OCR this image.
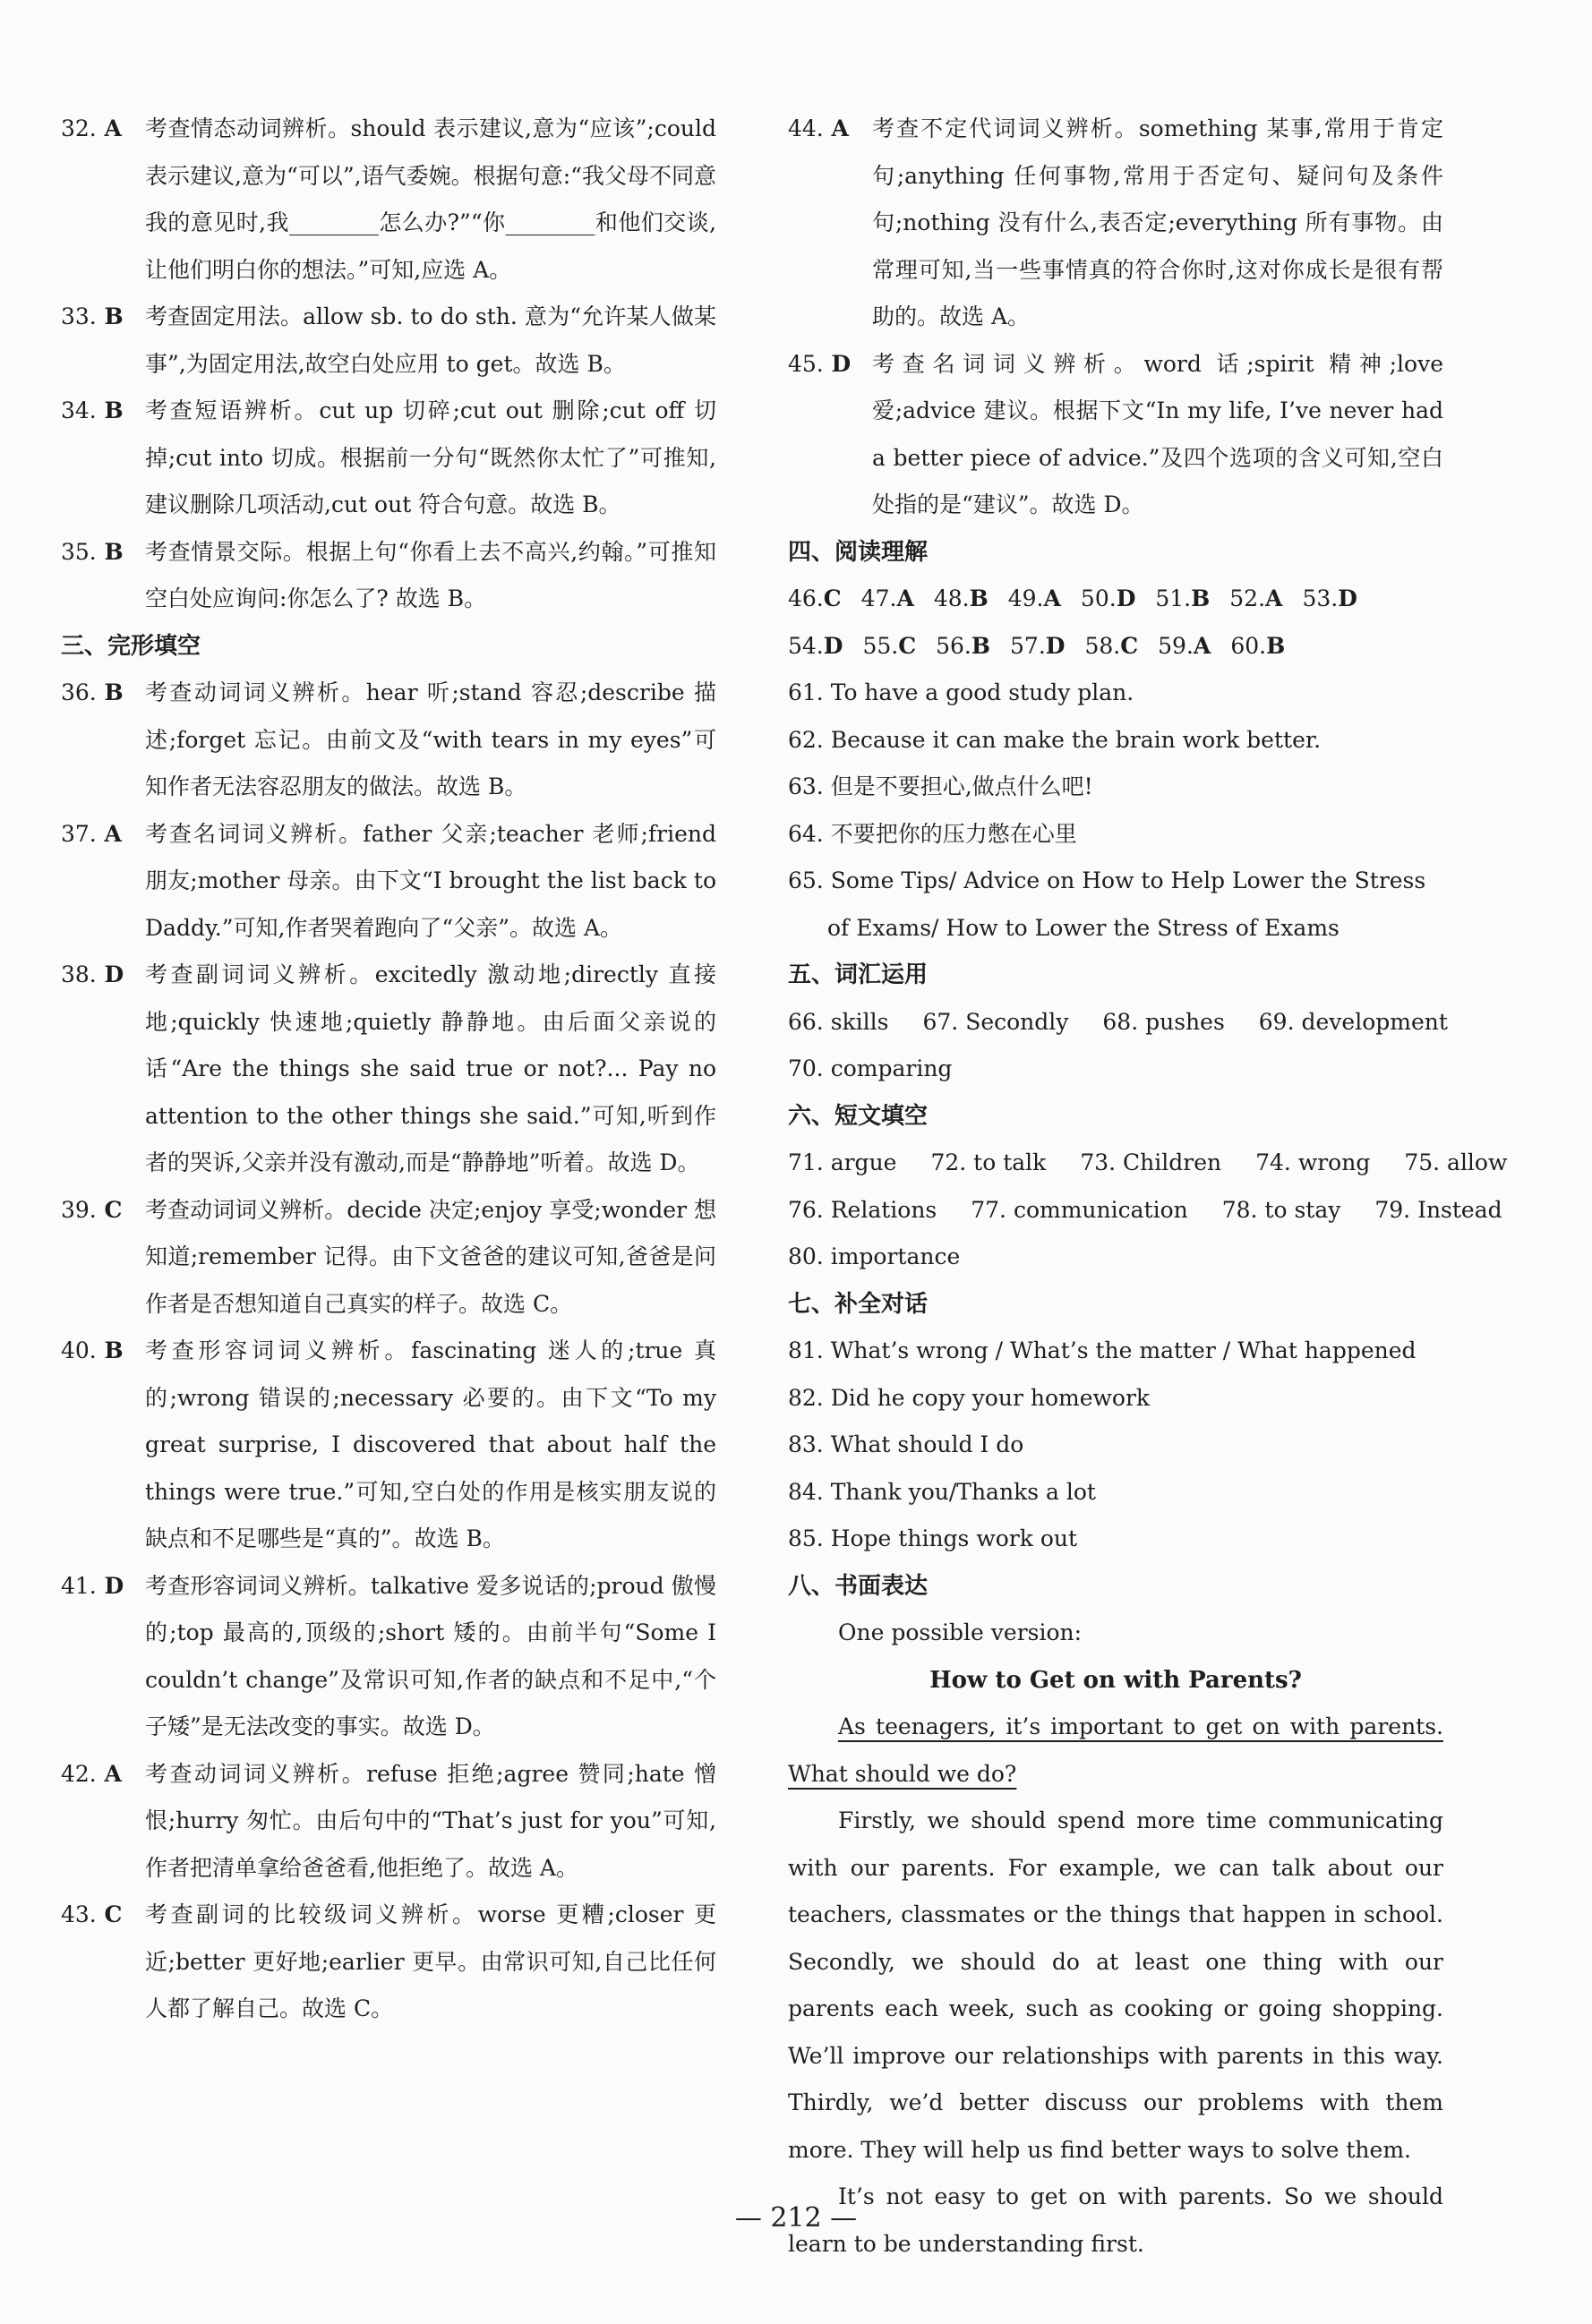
32. A	考查情态动词辨析。should 表示建议,意为“应该”;could 表示建议,意为“可以”,语气委婉。根据句意:“我父母不同意我的意见时,我________怎么办?”“你________和他们交谈,让他们明白你的想法。”可知,应选 A。
33. B 考查固定用法。allow sb. to do sth. 意为“允许某人做某事”,为固定用法,故空白处应用 to get。故选 B。
34. B 考查短语辨析。cut up 切碎;cut out 删除;cut off 切掉;cut into 切成。根据前一分句“既然你太忙了”可推知,建议删除几项活动,cut out 符合句意。故选 B。
35. B 考查情景交际。根据上句“你看上去不高兴,约翰。”可推知空白处应询问:你怎么了? 故选 B。
三、完形填空
36. B 考查动词词义辨析。hear 听;stand 容忍;describe 描述;forget 忘记。由前文及“with tears in my eyes”可知作者无法容忍朋友的做法。故选 B。
37. A	考查名词词义辨析。father 父亲;teacher 老师;friend 朋友;mother 母亲。由下文“I brought the list back to Daddy.”可知,作者哭着跑向了“父亲”。故选 A。
38. D 考查副词词义辨析。excitedly 激动地;directly 直接地;quickly 快速地;quietly 静静地。由后面父亲说的话“Are the things she said true or not?... Pay no attention to the other things she said.”可知,听到作者的哭诉,父亲并没有激动,而是“静静地”听着。故选 D。
39. C	考查动词词义辨析。decide 决定;enjoy 享受;wonder 想知道;remember 记得。由下文爸爸的建议可知,爸爸是问作者是否想知道自己真实的样子。故选 C。
40. B 考查形容词词义辨析。fascinating 迷人的;true 真的;wrong 错误的;necessary 必要的。由下文“To my great surprise, I discovered that about half the things were true.”可知,空白处的作用是核实朋友说的缺点和不足哪些是“真的”。故选 B。
41. D 考查形容词词义辨析。talkative 爱多说话的;proud 傲慢的;top 最高的,顶级的;short 矮的。由前半句“Some I couldn’t change”及常识可知,作者的缺点和不足中,“个子矮”是无法改变的事实。故选 D。
42. A	考查动词词义辨析。refuse 拒绝;agree 赞同;hate 憎恨;hurry 匆忙。由后句中的“That’s just for you”可知,作者把清单拿给爸爸看,他拒绝了。故选 A。
43. C	考查副词的比较级词义辨析。worse 更糟;closer 更近;better 更好地;earlier 更早。由常识可知,自己比任何人都了解自己。故选 C。
44. A	考查不定代词词义辨析。something 某事,常用于肯定句;anything 任何事物,常用于否定句、疑问句及条件句;nothing 没有什么,表否定;everything 所有事物。由常理可知,当一些事情真的符合你时,这对你成长是很有帮助的。故选 A。
45. D 考查名词词义辨析。word 话;spirit 精神;love 爱;advice 建议。根据下文“In my life, I’ve never had a better piece of advice.”及四个选项的含义可知,空白处指的是“建议”。故选 D。
四、阅读理解
46.C 47.A 48.B 49.A 50.D 51.B 52.A 53.D
54.D 55.C 56.B 57.D 58.C 59.A 60.B
61. To have a good study plan.
62. Because it can make the brain work better.
63. 但是不要担心,做点什么吧!
64. 不要把你的压力憋在心里
65. Some Tips/ Advice on How to Help Lower the Stress of Exams/ How to Lower the Stress of Exams
五、词汇运用
66. skills 67. Secondly 68. pushes 69. development
70. comparing
六、短文填空
71. argue 72. to talk 73. Children 74. wrong 75. allow
76. Relations 77. communication 78. to stay 79. Instead
80. importance
七、补全对话
81. What’s wrong / What’s the matter / What happened
82. Did he copy your homework
83. What should I do
84. Thank you/Thanks a lot
85. Hope things work out
八、书面表达
One possible version:
How to Get on with Parents?
As teenagers, it’s important to get on with parents. What should we do?
Firstly, we should spend more time communicating with our parents. For example, we can talk about our teachers, classmates or the things that happen in school. Secondly, we should do at least one thing with our parents each week, such as cooking or going shopping. We’ll improve our relationships with parents in this way. Thirdly, we’d better discuss our problems with them more. They will help us find better ways to solve them.
It’s not easy to get on with parents. So we should learn to be understanding first.
— 212 —
